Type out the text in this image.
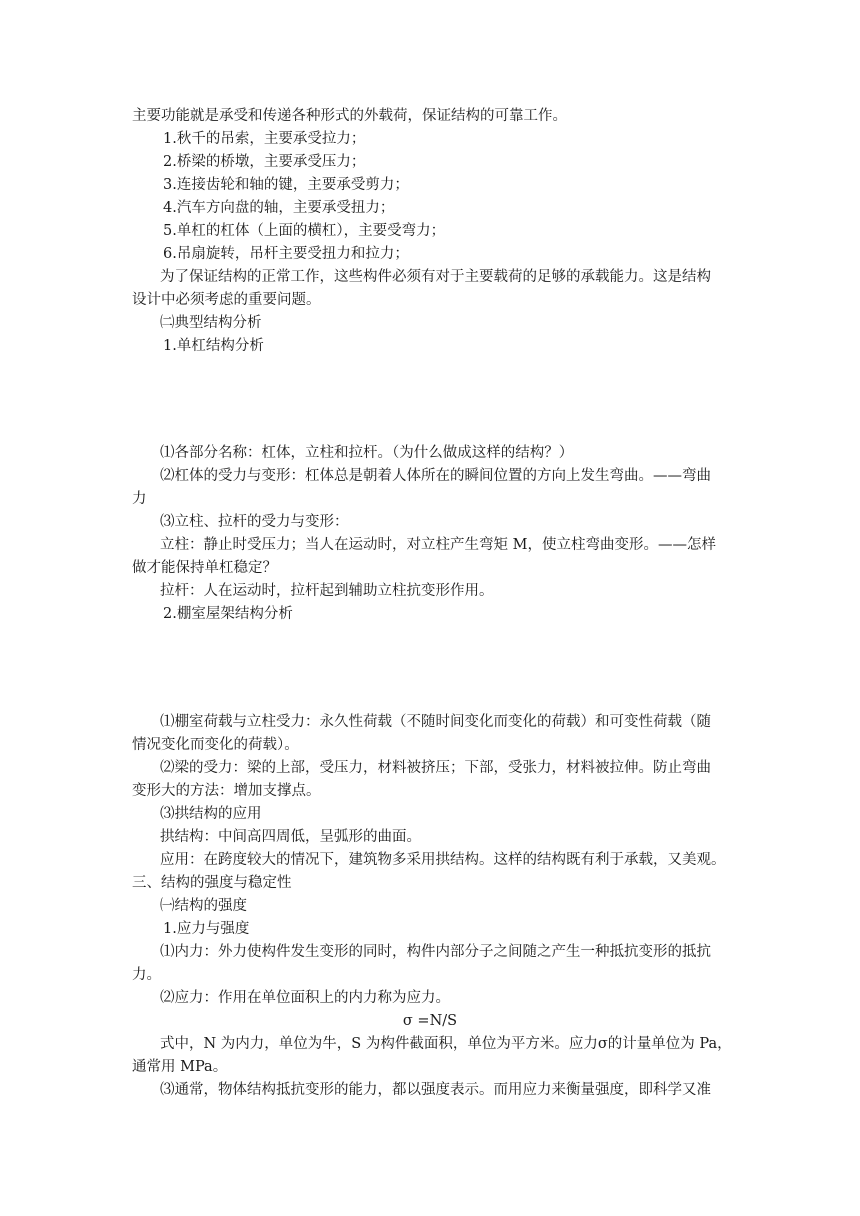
主要功能就是承受和传递各种形式的外载荷，保证结构的可靠工作。
1.秋千的吊索，主要承受拉力；
2.桥梁的桥墩，主要承受压力；
3.连接齿轮和轴的键，主要承受剪力；
4.汽车方向盘的轴，主要承受扭力；
5.单杠的杠体（上面的横杠），主要受弯力；
6.吊扇旋转，吊杆主要受扭力和拉力；
为了保证结构的正常工作，这些构件必须有对于主要载荷的足够的承载能力。这是结构
设计中必须考虑的重要问题。
㈡典型结构分析
1.单杠结构分析
⑴各部分名称：杠体，立柱和拉杆。（为什么做成这样的结构？）
⑵杠体的受力与变形：杠体总是朝着人体所在的瞬间位置的方向上发生弯曲。——弯曲
力
⑶立柱、拉杆的受力与变形：
立柱：静止时受压力；当人在运动时，对立柱产生弯矩 M，使立柱弯曲变形。——怎样
做才能保持单杠稳定？
拉杆：人在运动时，拉杆起到辅助立柱抗变形作用。
2.棚室屋架结构分析
⑴棚室荷载与立柱受力：永久性荷载（不随时间变化而变化的荷载）和可变性荷载（随
情况变化而变化的荷载）。
⑵梁的受力：梁的上部，受压力，材料被挤压；下部，受张力，材料被拉伸。防止弯曲
变形大的方法：增加支撑点。
⑶拱结构的应用
拱结构：中间高四周低，呈弧形的曲面。
应用：在跨度较大的情况下，建筑物多采用拱结构。这样的结构既有利于承载，又美观。
三、结构的强度与稳定性
㈠结构的强度
1.应力与强度
⑴内力：外力使构件发生变形的同时，构件内部分子之间随之产生一种抵抗变形的抵抗
力。
⑵应力：作用在单位面积上的内力称为应力。
σ =N/S
式中，N 为内力，单位为牛，S 为构件截面积，单位为平方米。应力σ的计量单位为 Pa，
通常用 MPa。
⑶通常，物体结构抵抗变形的能力，都以强度表示。而用应力来衡量强度，即科学又准
